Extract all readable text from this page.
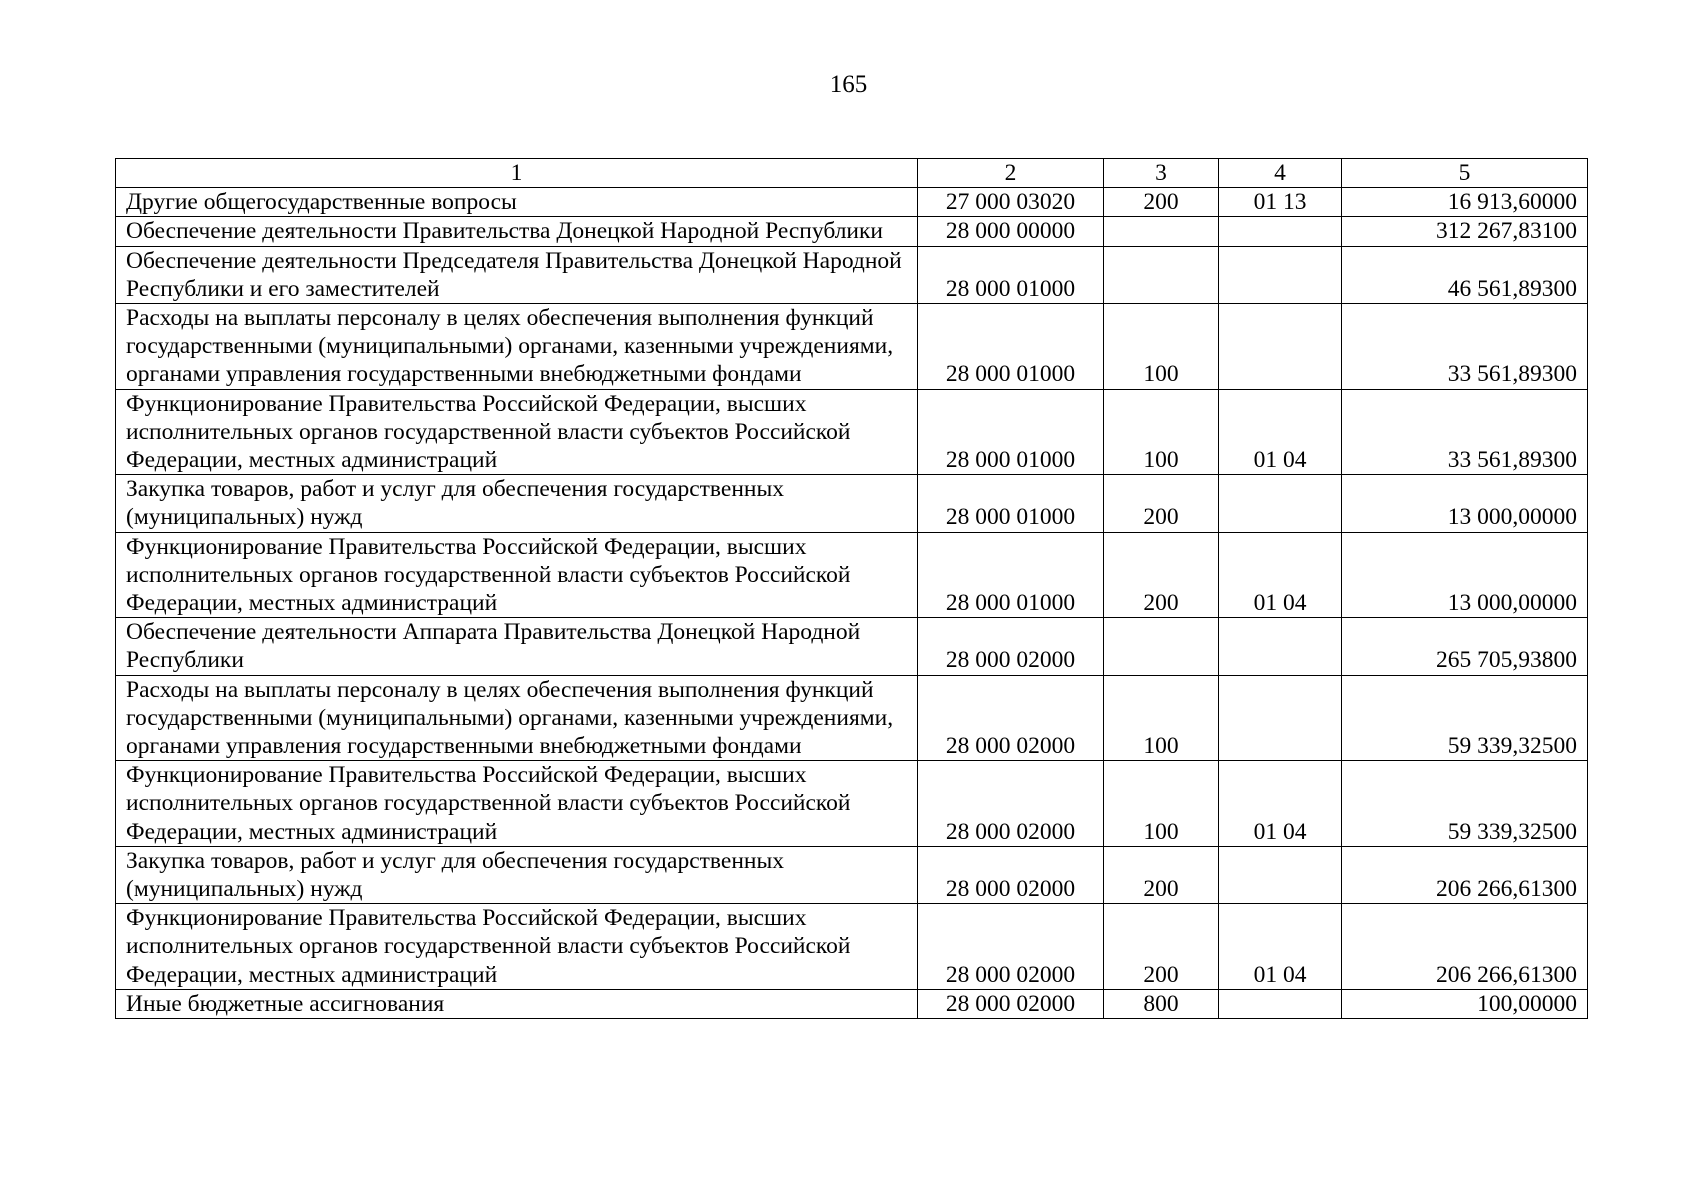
165
1	2	3	4	5
Другие общегосударственные вопросы	27 000 03020	200	01 13	16 913,60000
Обеспечение деятельности Правительства Донецкой Народной Республики	28 000 00000			312 267,83100
Обеспечение деятельности Председателя Правительства Донецкой Народной Республики и его заместителей	28 000 01000			46 561,89300
Расходы на выплаты персоналу в целях обеспечения выполнения функций государственными (муниципальными) органами, казенными учреждениями, органами управления государственными внебюджетными фондами	28 000 01000	100		33 561,89300
Функционирование Правительства Российской Федерации, высших исполнительных органов государственной власти субъектов Российской Федерации, местных администраций	28 000 01000	100	01 04	33 561,89300
Закупка товаров, работ и услуг для обеспечения государственных (муниципальных) нужд	28 000 01000	200		13 000,00000
Функционирование Правительства Российской Федерации, высших исполнительных органов государственной власти субъектов Российской Федерации, местных администраций	28 000 01000	200	01 04	13 000,00000
Обеспечение деятельности Аппарата Правительства Донецкой Народной Республики	28 000 02000			265 705,93800
Расходы на выплаты персоналу в целях обеспечения выполнения функций государственными (муниципальными) органами, казенными учреждениями, органами управления государственными внебюджетными фондами	28 000 02000	100		59 339,32500
Функционирование Правительства Российской Федерации, высших исполнительных органов государственной власти субъектов Российской Федерации, местных администраций	28 000 02000	100	01 04	59 339,32500
Закупка товаров, работ и услуг для обеспечения государственных (муниципальных) нужд	28 000 02000	200		206 266,61300
Функционирование Правительства Российской Федерации, высших исполнительных органов государственной власти субъектов Российской Федерации, местных администраций	28 000 02000	200	01 04	206 266,61300
Иные бюджетные ассигнования	28 000 02000	800		100,00000
